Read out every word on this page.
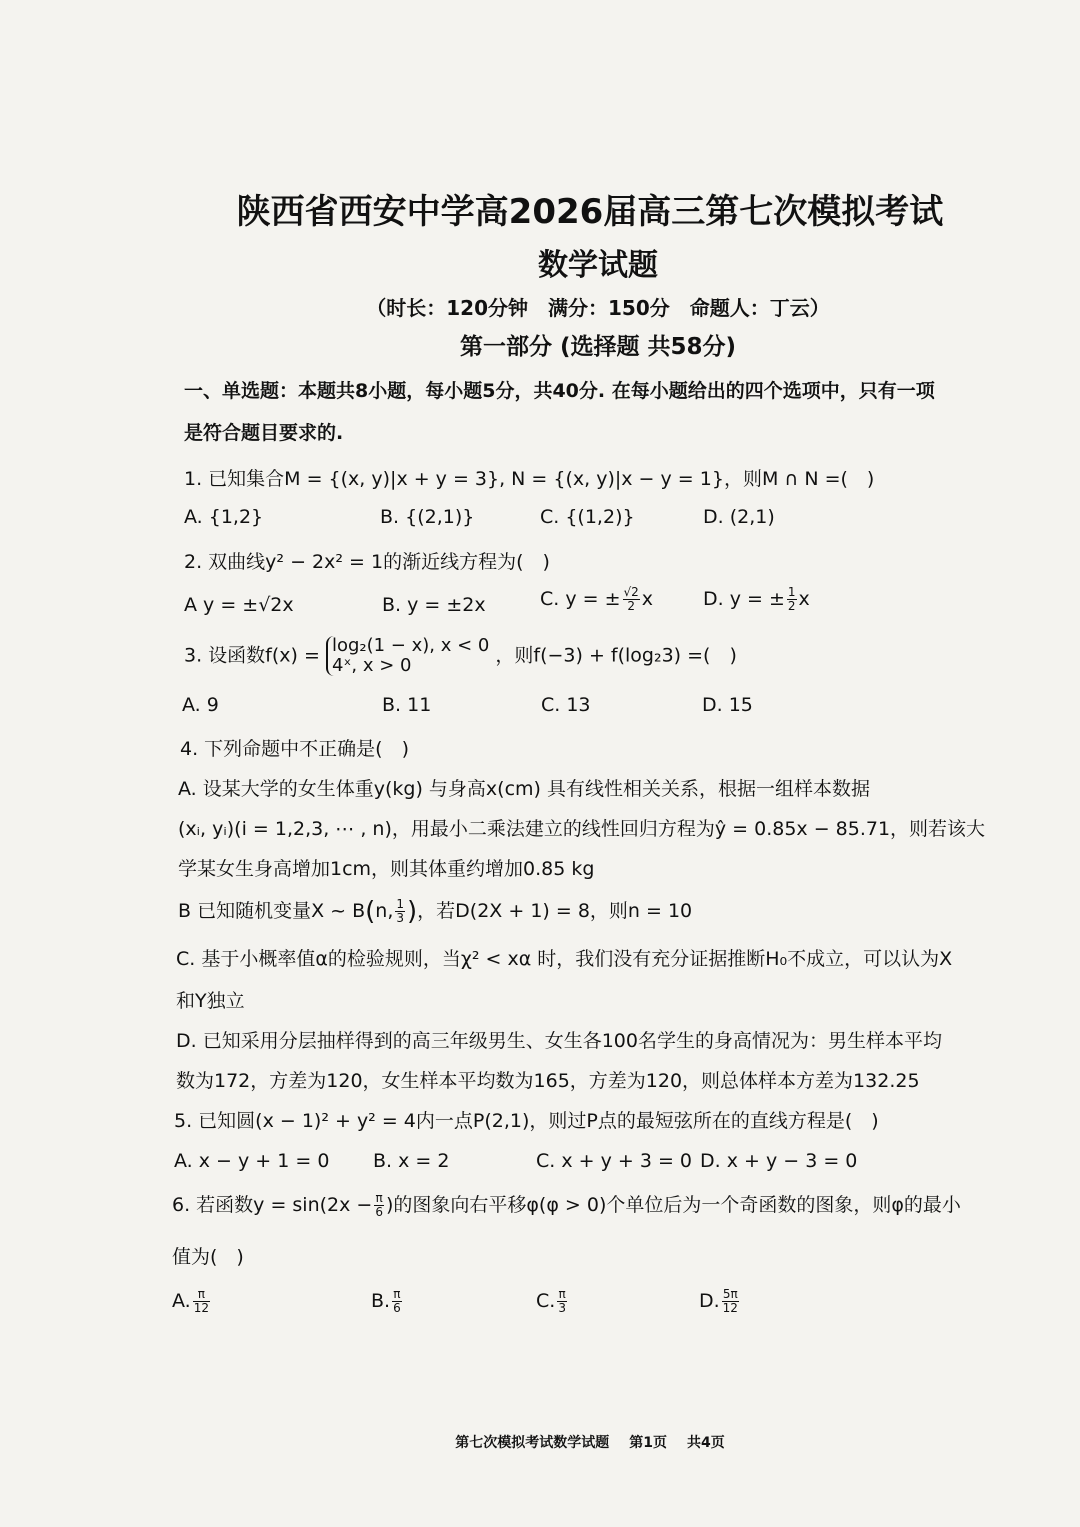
陕西省西安中学高2026届高三第七次模拟考试
数学试题
（时长：120分钟　满分：150分　命题人：丁云）
第一部分 (选择题 共58分)
一、单选题：本题共8小题，每小题5分，共40分. 在每小题给出的四个选项中，只有一项
是符合题目要求的.
1. 已知集合M = {(x, y)|x + y = 3}, N = {(x, y)|x − y = 1}，则M ∩ N =(　)
A. {1,2}	B. {(2,1)}	C. {(1,2)}	D. (2,1)
2. 双曲线y² − 2x² = 1的渐近线方程为(　)
A y = ±√2x	B. y = ±2x	C. y = ± $\frac{√2}{2}$ x	D. y = ± $\frac{1}{2}$ x
3. 设函数f(x) = log₂(1 − x), x < 0
4ˣ, x > 0	，则f(−3) + f(log₂3) =(　)
A. 9	B. 11	C. 13	D. 15
4. 下列命题中不正确是(　)
A. 设某大学的女生体重y(kg) 与身高x(cm) 具有线性相关关系，根据一组样本数据
(xᵢ, yᵢ)(i = 1,2,3, ⋯ , n)，用最小二乘法建立的线性回归方程为ŷ = 0.85x − 85.71，则若该大
学某女生身高增加1cm，则其体重约增加0.85 kg
B 已知随机变量X ~ B(n, $\frac{1}{3}$ )，若D(2X + 1) = 8，则n = 10
C. 基于小概率值α的检验规则，当χ² < xα 时，我们没有充分证据推断H₀不成立，可以认为X
和Y独立
D. 已知采用分层抽样得到的高三年级男生、女生各100名学生的身高情况为：男生样本平均
数为172，方差为120，女生样本平均数为165，方差为120，则总体样本方差为132.25
5. 已知圆(x − 1)² + y² = 4内一点P(2,1)，则过P点的最短弦所在的直线方程是(　)
A. x − y + 1 = 0 B. x = 2	C. x + y + 3 = 0 D. x + y − 3 = 0
6. 若函数$y = \sin(2x - \frac{\pi}{6}$ )的图象向右平移φ(φ > 0)个单位后为一个奇函数的图象，则φ的最小
值为(　)
A. $\frac{\pi}{12}$	B. $\frac{\pi}{6}$	C. $\frac{\pi}{3}$	D. $\frac{5\pi}{12}$
第七次模拟考试数学试题 第1页 共4页
